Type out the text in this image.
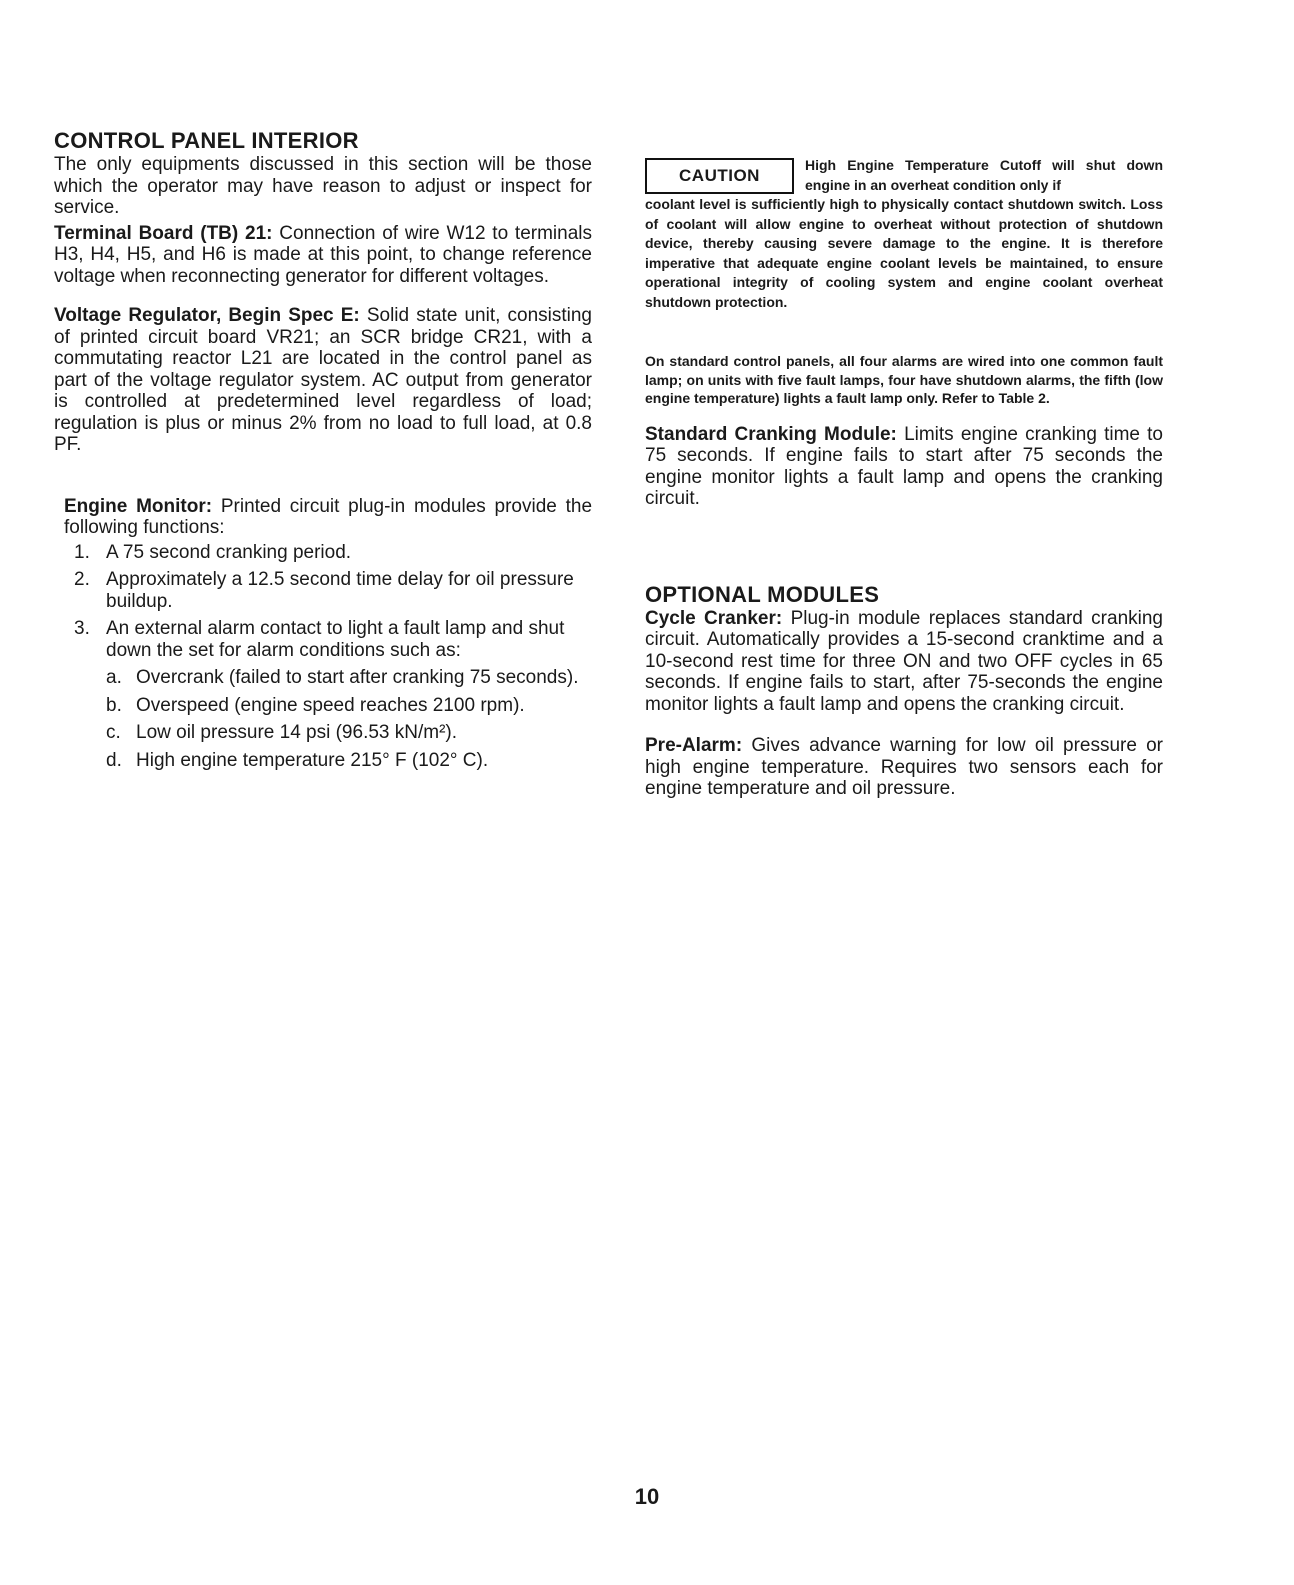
CONTROL PANEL INTERIOR

The only equipments discussed in this section will be those which the operator may have reason to adjust or inspect for service.

Terminal Board (TB) 21: Connection of wire W12 to terminals H3, H4, H5, and H6 is made at this point, to change reference voltage when reconnecting generator for different voltages.

Voltage Regulator, Begin Spec E: Solid state unit, consisting of printed circuit board VR21; an SCR bridge CR21, with a commutating reactor L21 are located in the control panel as part of the voltage regulator system. AC output from generator is controlled at predetermined level regardless of load; regulation is plus or minus 2% from no load to full load, at 0.8 PF.

Engine Monitor: Printed circuit plug-in modules provide the following functions:

1. A 75 second cranking period.
2. Approximately a 12.5 second time delay for oil pressure buildup.
3. An external alarm contact to light a fault lamp and shut down the set for alarm conditions such as:
a. Overcrank (failed to start after cranking 75 seconds).
b. Overspeed (engine speed reaches 2100 rpm).
c. Low oil pressure 14 psi (96.53 kN/m²).
d. High engine temperature 215° F (102° C).
CAUTION
High Engine Temperature Cutoff will shut down engine in an overheat condition only if
coolant level is sufficiently high to physically contact shutdown switch. Loss of coolant will allow engine to overheat without protection of shutdown device, thereby causing severe damage to the engine. It is therefore imperative that adequate engine coolant levels be maintained, to ensure operational integrity of cooling system and engine coolant overheat shutdown protection.

On standard control panels, all four alarms are wired into one common fault lamp; on units with five fault lamps, four have shutdown alarms, the fifth (low engine temperature) lights a fault lamp only. Refer to Table 2.

Standard Cranking Module: Limits engine cranking time to 75 seconds. If engine fails to start after 75 seconds the engine monitor lights a fault lamp and opens the cranking circuit.

OPTIONAL MODULES

Cycle Cranker: Plug-in module replaces standard cranking circuit. Automatically provides a 15-second cranktime and a 10-second rest time for three ON and two OFF cycles in 65 seconds. If engine fails to start, after 75-seconds the engine monitor lights a fault lamp and opens the cranking circuit.

Pre-Alarm: Gives advance warning for low oil pressure or high engine temperature. Requires two sensors each for engine temperature and oil pressure.

10
